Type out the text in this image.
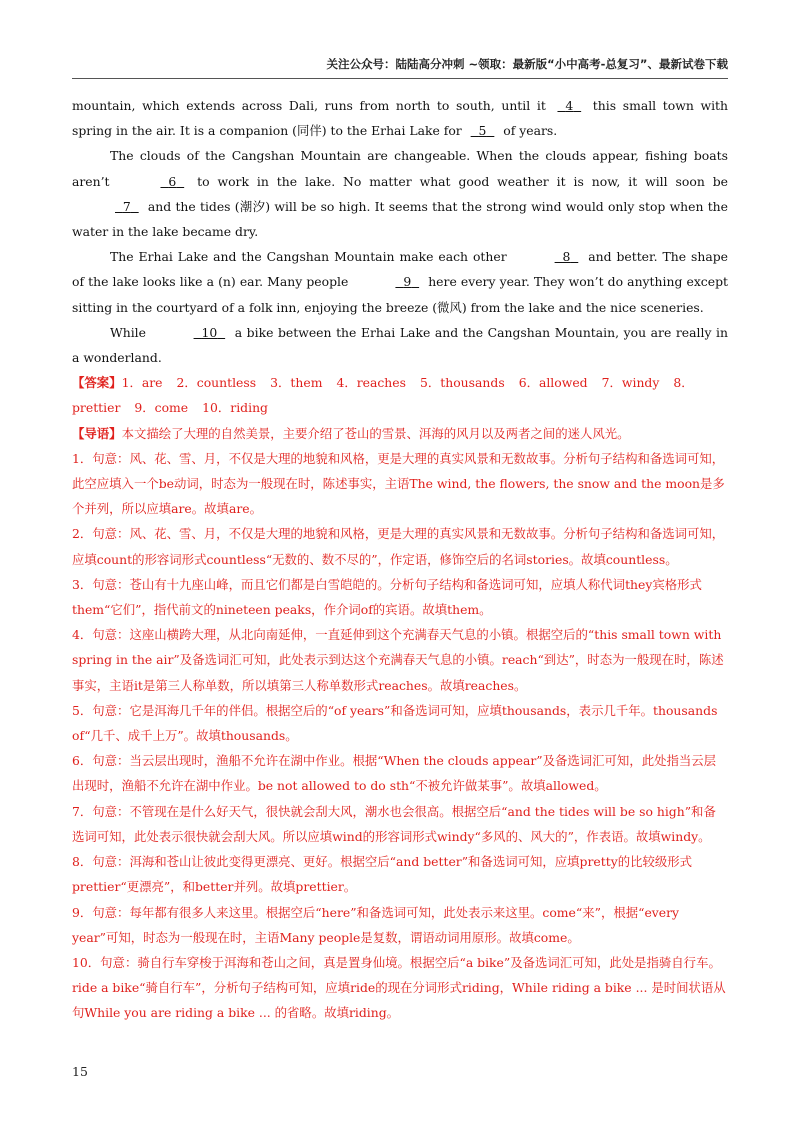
关注公众号：陆陆高分冲刺 ~领取：最新版“小中高考-总复习”、最新试卷下载

mountain, which extends across Dali, runs from north to south, until it 4 this small town with spring in the air. It is a companion (同伴) to the Erhai Lake for 5 of years.

The clouds of the Cangshan Mountain are changeable. When the clouds appear, fishing boats aren’t	6 to work in the lake. No matter what good weather it is now, it will soon be 7 and the tides (潮汐) will be so high. It seems that the strong wind would only stop when the water in the lake became dry.

The Erhai Lake and the Cangshan Mountain make each other	8 and better. The shape of the lake looks like a (n) ear. Many people	9 here every year. They won’t do anything except sitting in the courtyard of a folk inn, enjoying the breeze (微风) from the lake and the nice sceneries.

While	10 a bike between the Erhai Lake and the Cangshan Mountain, you are really in a wonderland.

【答案】1．are 2．countless 3．them 4．reaches 5．thousands 6．allowed 7．windy 8．prettier 9．come 10．riding

【导语】本文描绘了大理的自然美景，主要介绍了苍山的雪景、洱海的风月以及两者之间的迷人风光。

1．句意：风、花、雪、月，不仅是大理的地貌和风格，更是大理的真实风景和无数故事。分析句子结构和备选词可知，此空应填入一个be动词，时态为一般现在时，陈述事实，主语The wind, the flowers, the snow and the moon是多个并列，所以应填are。故填are。

2．句意：风、花、雪、月，不仅是大理的地貌和风格，更是大理的真实风景和无数故事。分析句子结构和备选词可知，应填count的形容词形式countless“无数的、数不尽的”，作定语，修饰空后的名词stories。故填countless。

3．句意：苍山有十九座山峰，而且它们都是白雪皑皑的。分析句子结构和备选词可知，应填人称代词they宾格形式them“它们”，指代前文的nineteen peaks，作介词of的宾语。故填them。

4．句意：这座山横跨大理，从北向南延伸，一直延伸到这个充满春天气息的小镇。根据空后的“this small town with spring in the air”及备选词汇可知，此处表示到达这个充满春天气息的小镇。reach“到达”，时态为一般现在时，陈述事实，主语it是第三人称单数，所以填第三人称单数形式reaches。故填reaches。

5．句意：它是洱海几千年的伴侣。根据空后的“of years”和备选词可知，应填thousands，表示几千年。thousands of“几千、成千上万”。故填thousands。

6．句意：当云层出现时，渔船不允许在湖中作业。根据“When the clouds appear”及备选词汇可知，此处指当云层出现时，渔船不允许在湖中作业。be not allowed to do sth“不被允许做某事”。故填allowed。

7．句意：不管现在是什么好天气，很快就会刮大风，潮水也会很高。根据空后“and the tides will be so high”和备选词可知，此处表示很快就会刮大风。所以应填wind的形容词形式windy“多风的、风大的”，作表语。故填windy。

8．句意：洱海和苍山让彼此变得更漂亮、更好。根据空后“and better”和备选词可知，应填pretty的比较级形式prettier“更漂亮”，和better并列。故填prettier。

9．句意：每年都有很多人来这里。根据空后“here”和备选词可知，此处表示来这里。come“来”，根据“every year”可知，时态为一般现在时，主语Many people是复数，谓语动词用原形。故填come。

10．句意：骑自行车穿梭于洱海和苍山之间，真是置身仙境。根据空后“a bike”及备选词汇可知，此处是指骑自行车。ride a bike“骑自行车”，分析句子结构可知，应填ride的现在分词形式riding，While riding a bike ... 是时间状语从句While you are riding a bike ... 的省略。故填riding。

15
